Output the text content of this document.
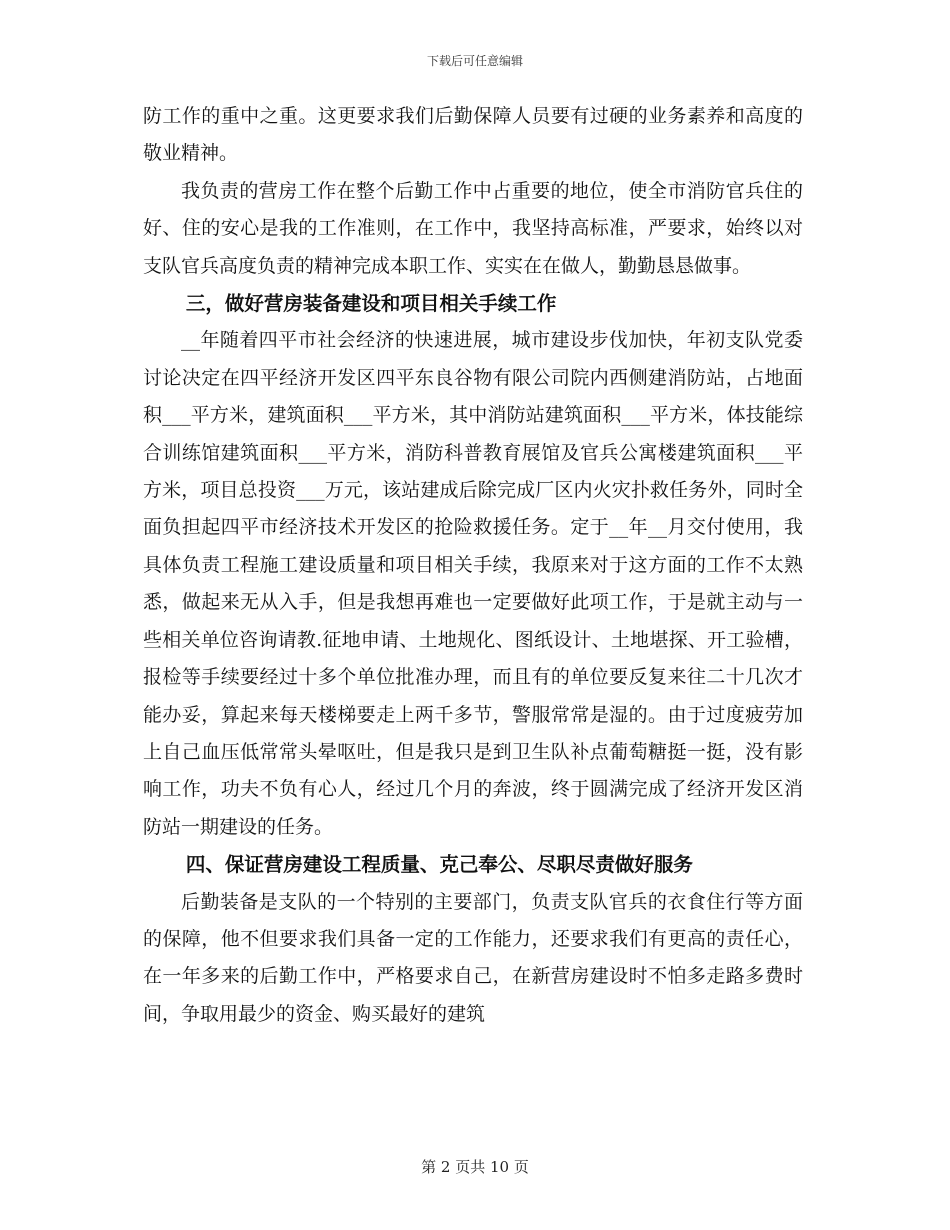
下载后可任意编辑

防工作的重中之重。这更要求我们后勤保障人员要有过硬的业务素养和高度的敬业精神。

我负责的营房工作在整个后勤工作中占重要的地位，使全市消防官兵住的好、住的安心是我的工作准则，在工作中，我坚持高标准，严要求，始终以对支队官兵高度负责的精神完成本职工作、实实在在做人，勤勤恳恳做事。

三，做好营房装备建设和项目相关手续工作

__年随着四平市社会经济的快速进展，城市建设步伐加快，年初支队党委讨论决定在四平经济开发区四平东良谷物有限公司院内西侧建消防站，占地面积___平方米，建筑面积___平方米，其中消防站建筑面积___平方米，体技能综合训练馆建筑面积___平方米，消防科普教育展馆及官兵公寓楼建筑面积___平方米，项目总投资___万元，该站建成后除完成厂区内火灾扑救任务外，同时全面负担起四平市经济技术开发区的抢险救援任务。定于__年__月交付使用，我具体负责工程施工建设质量和项目相关手续，我原来对于这方面的工作不太熟悉，做起来无从入手，但是我想再难也一定要做好此项工作，于是就主动与一些相关单位咨询请教.征地申请、土地规化、图纸设计、土地堪探、开工验槽，报检等手续要经过十多个单位批准办理，而且有的单位要反复来往二十几次才能办妥，算起来每天楼梯要走上两千多节，警服常常是湿的。由于过度疲劳加上自己血压低常常头晕呕吐，但是我只是到卫生队补点葡萄糖挺一挺，没有影响工作，功夫不负有心人，经过几个月的奔波，终于圆满完成了经济开发区消防站一期建设的任务。

四、保证营房建设工程质量、克己奉公、尽职尽责做好服务

后勤装备是支队的一个特别的主要部门，负责支队官兵的衣食住行等方面的保障，他不但要求我们具备一定的工作能力，还要求我们有更高的责任心，在一年多来的后勤工作中，严格要求自己，在新营房建设时不怕多走路多费时间，争取用最少的资金、购买最好的建筑

第 2 页共 10 页
